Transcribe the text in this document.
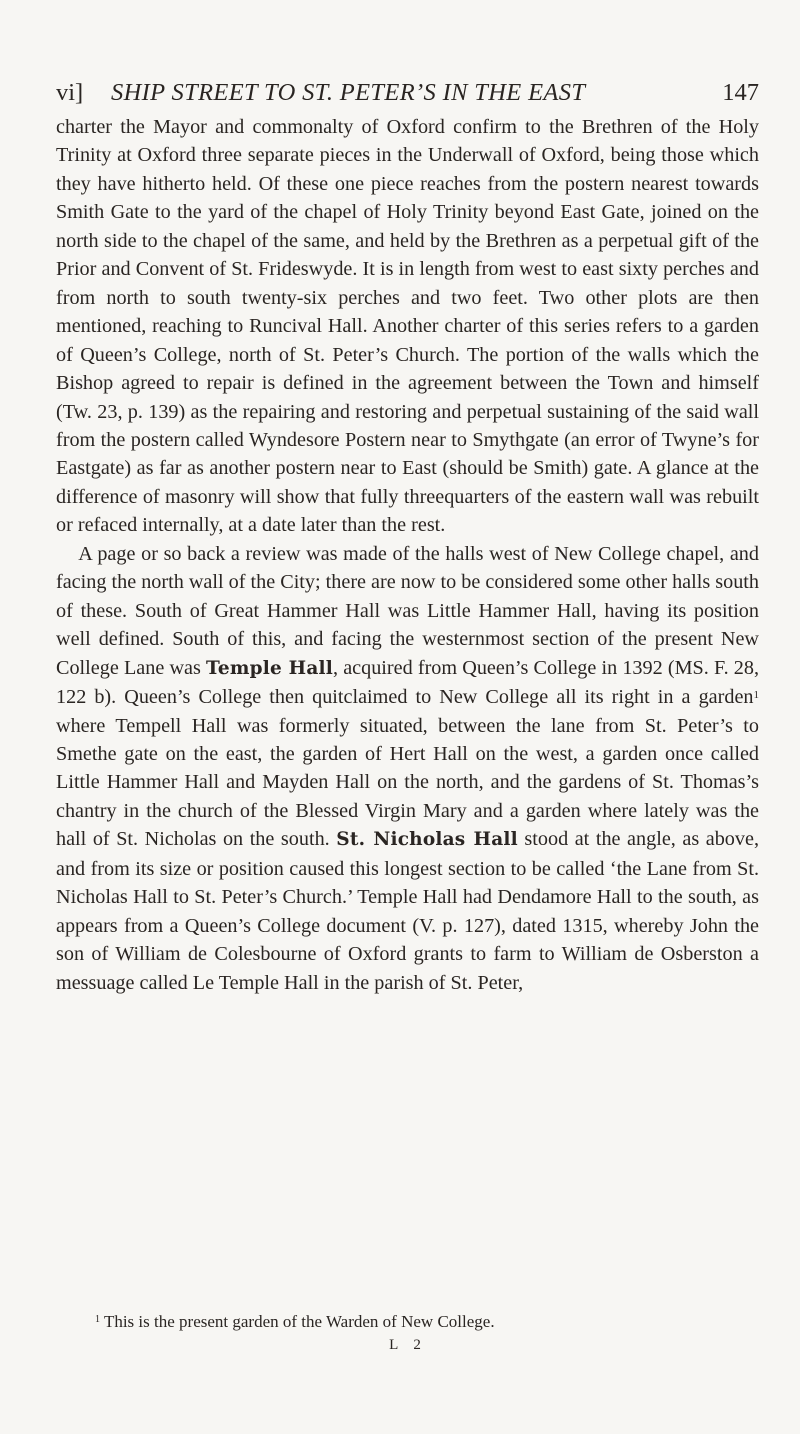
vi] SHIP STREET TO ST. PETER’S IN THE EAST	147

charter the Mayor and commonalty of Oxford confirm to the Brethren of the Holy Trinity at Oxford three separate pieces in the Underwall of Oxford, being those which they have hitherto held. Of these one piece reaches from the postern nearest towards Smith Gate to the yard of the chapel of Holy Trinity beyond East Gate, joined on the north side to the chapel of the same, and held by the Brethren as a perpetual gift of the Prior and Convent of St. Frideswyde. It is in length from west to east sixty perches and from north to south twenty-six perches and two feet. Two other plots are then mentioned, reaching to Runcival Hall. Another charter of this series refers to a garden of Queen’s College, north of St. Peter’s Church. The portion of the walls which the Bishop agreed to repair is defined in the agreement between the Town and himself (Tw. 23, p. 139) as the repairing and restoring and perpetual sustaining of the said wall from the postern called Wyndesore Postern near to Smythgate (an error of Twyne’s for Eastgate) as far as another postern near to East (should be Smith) gate. A glance at the difference of masonry will show that fully threequarters of the eastern wall was rebuilt or refaced internally, at a date later than the rest.

A page or so back a review was made of the halls west of New College chapel, and facing the north wall of the City; there are now to be considered some other halls south of these. South of Great Hammer Hall was Little Hammer Hall, having its position well defined. South of this, and facing the westernmost section of the present New College Lane was Temple Hall, acquired from Queen’s College in 1392 (MS. F. 28, 122 b). Queen’s College then quitclaimed to New College all its right in a garden$^1$ where Tempell Hall was formerly situated, between the lane from St. Peter’s to Smethe gate on the east, the garden of Hert Hall on the west, a garden once called Little Hammer Hall and Mayden Hall on the north, and the gardens of St. Thomas’s chantry in the church of the Blessed Virgin Mary and a garden where lately was the hall of St. Nicholas on the south. St. Nicholas Hall stood at the angle, as above, and from its size or position caused this longest section to be called ‘the Lane from St. Nicholas Hall to St. Peter’s Church.’ Temple Hall had Dendamore Hall to the south, as appears from a Queen’s College document (V. p. 127), dated 1315, whereby John the son of William de Colesbourne of Oxford grants to farm to William de Osberston a messuage called Le Temple Hall in the parish of St. Peter,

$^1$ This is the present garden of the Warden of New College.
L 2
